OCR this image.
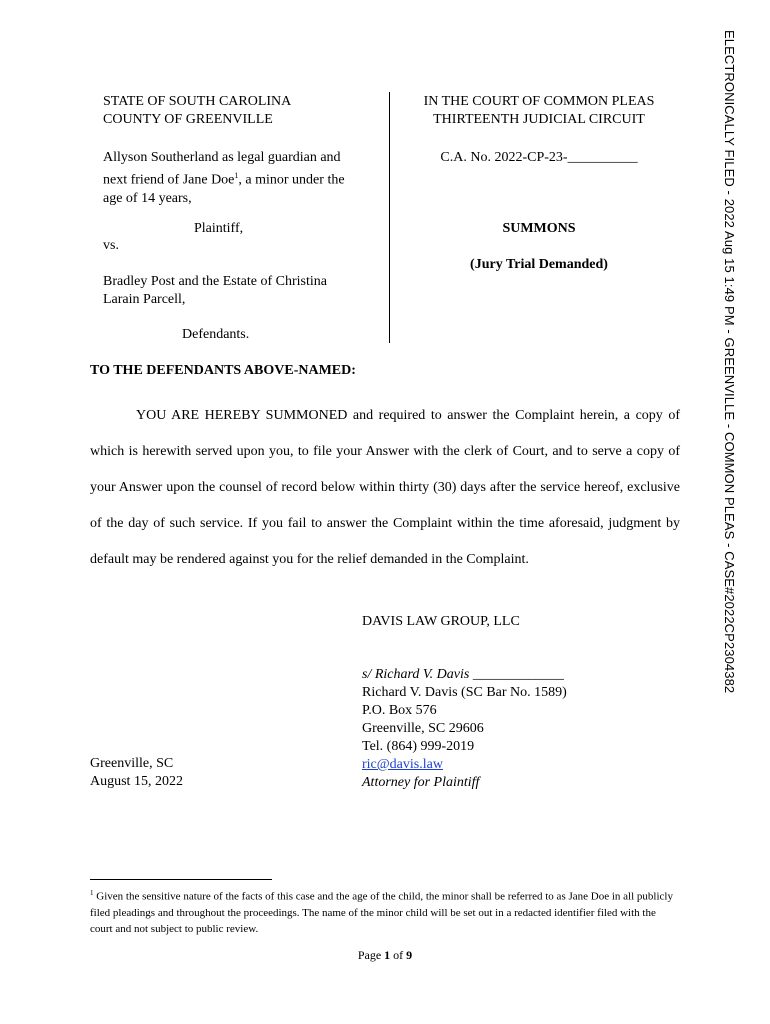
STATE OF SOUTH CAROLINA
COUNTY OF GREENVILLE
Allyson Southerland as legal guardian and
next friend of Jane Doe$^1$, a minor under the
age of 14 years,
Plaintiff,
vs.
Bradley Post and the Estate of Christina
Larain Parcell,
Defendants.
IN THE COURT OF COMMON PLEAS
THIRTEENTH JUDICIAL CIRCUIT
C.A. No. 2022-CP-23-__________
SUMMONS
(Jury Trial Demanded)
TO THE DEFENDANTS ABOVE-NAMED:
YOU ARE HEREBY SUMMONED and required to answer the Complaint herein, a copy of which is herewith served upon you, to file your Answer with the clerk of Court, and to serve a copy of your Answer upon the counsel of record below within thirty (30) days after the service hereof, exclusive of the day of such service. If you fail to answer the Complaint within the time aforesaid, judgment by default may be rendered against you for the relief demanded in the Complaint.
DAVIS LAW GROUP, LLC
s/ Richard V. Davis _____________
Richard V. Davis (SC Bar No. 1589)
P.O. Box 576
Greenville, SC 29606
Tel. (864) 999-2019
ric@davis.law
Attorney for Plaintiff
Greenville, SC
August 15, 2022
$^1$ Given the sensitive nature of the facts of this case and the age of the child, the minor shall be referred to as Jane Doe in all publicly filed pleadings and throughout the proceedings. The name of the minor child will be set out in a redacted identifier filed with the court and not subject to public review.
Page 1 of 9
ELECTRONICALLY FILED - 2022 Aug 15 1:49 PM - GREENVILLE - COMMON PLEAS - CASE#2022CP2304382
